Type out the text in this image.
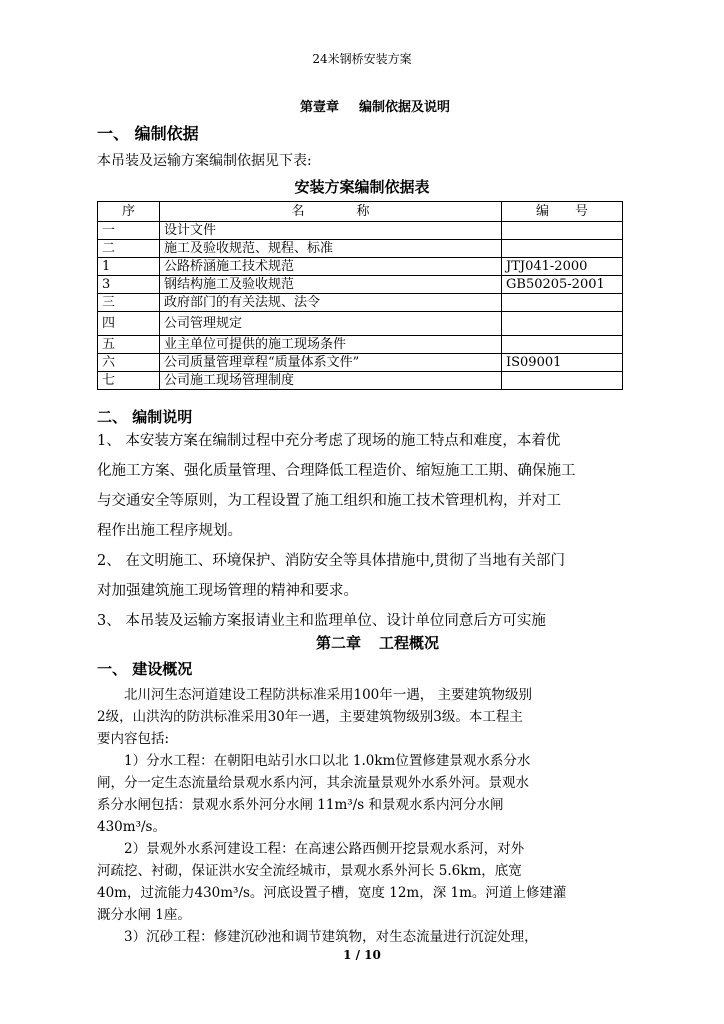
24米钢桥安装方案
第壹章 编制依据及说明
一、 编制依据
本吊装及运输方案编制依据见下表:
安装方案编制依据表
序	名　　　　称	编　　号
一	设计文件	
二	施工及验收规范、规程、标准	
1	公路桥涵施工技术规范	JTJ041-2000
3	钢结构施工及验收规范	GB50205-2001
三	政府部门的有关法规、法令	
四	公司管理规定	
五	业主单位可提供的施工现场条件	
六	公司质量管理章程“质量体系文件”	IS09001
七	公司施工现场管理制度	
二、 编制说明
1、 本安装方案在编制过程中充分考虑了现场的施工特点和难度，本着优
化施工方案、强化质量管理、合理降低工程造价、缩短施工工期、确保施工
与交通安全等原则，为工程设置了施工组织和施工技术管理机构，并对工
程作出施工程序规划。
2、 在文明施工、环境保护、消防安全等具体措施中,贯彻了当地有关部门
对加强建筑施工现场管理的精神和要求。
3、 本吊装及运输方案报请业主和监理单位、设计单位同意后方可实施
第二章 工程概况
一、 建设概况
　　北川河生态河道建设工程防洪标准采用100年一遇， 主要建筑物级别
2级，山洪沟的防洪标准采用30年一遇，主要建筑物级别3级。本工程主
要内容包括:
　　1）分水工程：在朝阳电站引水口以北 1.0km位置修建景观水系分水
闸，分一定生态流量给景观水系内河，其余流量景观外水系外河。景观水
系分水闸包括：景观水系外河分水闸 11m³/s 和景观水系内河分水闸
430m³/s。
　　2）景观外水系河建设工程：在高速公路西侧开挖景观水系河，对外
河疏挖、衬砌，保证洪水安全流经城市，景观水系外河长 5.6km，底宽
40m，过流能力430m³/s。河底设置子槽，宽度 12m，深 1m。河道上修建灌
溉分水闸 1座。
　　3）沉砂工程：修建沉砂池和调节建筑物，对生态流量进行沉淀处理，
1 / 10
